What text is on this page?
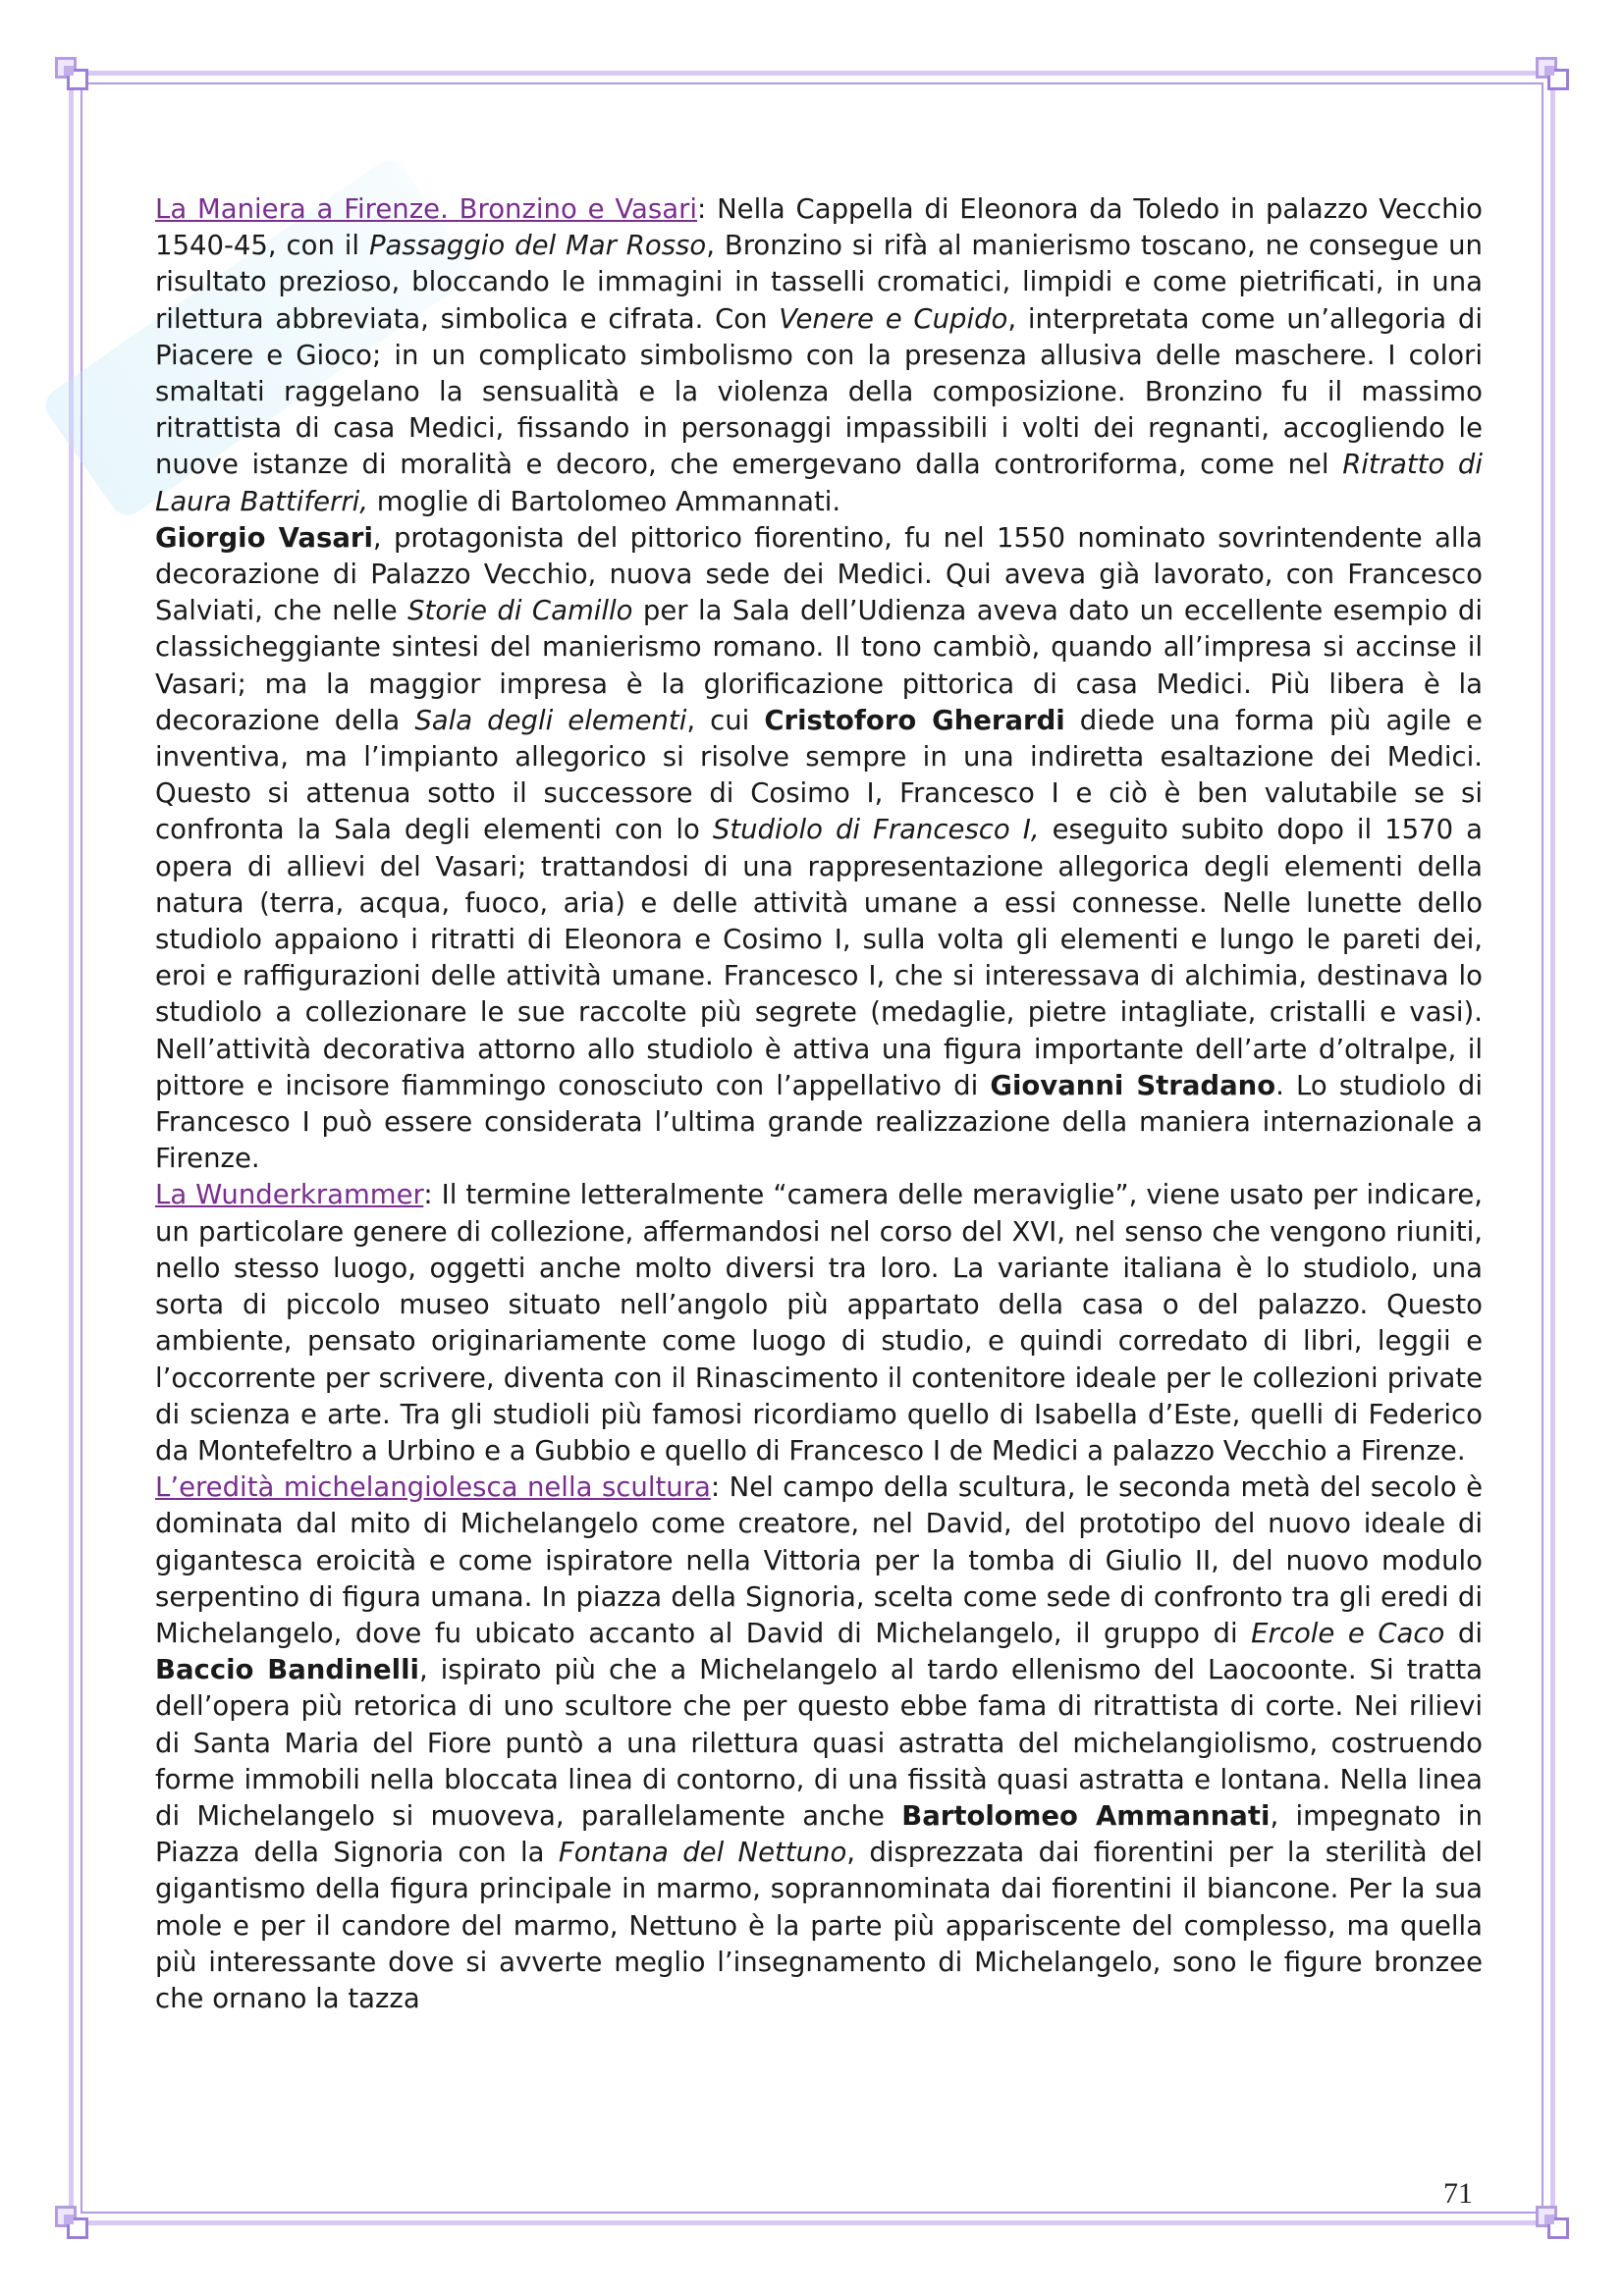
La Maniera a Firenze. Bronzino e Vasari: Nella Cappella di Eleonora da Toledo in palazzo Vecchio 1540-45, con il Passaggio del Mar Rosso, Bronzino si rifà al manierismo toscano, ne consegue un risultato prezioso, bloccando le immagini in tasselli cromatici, limpidi e come pietrificati, in una rilettura abbreviata, simbolica e cifrata. Con Venere e Cupido, interpretata come un’allegoria di Piacere e Gioco; in un complicato simbolismo con la presenza allusiva delle maschere. I colori smaltati raggelano la sensualità e la violenza della composizione. Bronzino fu il massimo ritrattista di casa Medici, fissando in personaggi impassibili i volti dei regnanti, accogliendo le nuove istanze di moralità e decoro, che emergevano dalla controriforma, come nel Ritratto di Laura Battiferri, moglie di Bartolomeo Ammannati.

Giorgio Vasari, protagonista del pittorico fiorentino, fu nel 1550 nominato sovrintendente alla decorazione di Palazzo Vecchio, nuova sede dei Medici. Qui aveva già lavorato, con Francesco Salviati, che nelle Storie di Camillo per la Sala dell’Udienza aveva dato un eccellente esempio di classicheggiante sintesi del manierismo romano. Il tono cambiò, quando all’impresa si accinse il Vasari; ma la maggior impresa è la glorificazione pittorica di casa Medici. Più libera è la decorazione della Sala degli elementi, cui Cristoforo Gherardi diede una forma più agile e inventiva, ma l’impianto allegorico si risolve sempre in una indiretta esaltazione dei Medici. Questo si attenua sotto il successore di Cosimo I, Francesco I e ciò è ben valutabile se si confronta la Sala degli elementi con lo Studiolo di Francesco I, eseguito subito dopo il 1570 a opera di allievi del Vasari; trattandosi di una rappresentazione allegorica degli elementi della natura (terra, acqua, fuoco, aria) e delle attività umane a essi connesse. Nelle lunette dello studiolo appaiono i ritratti di Eleonora e Cosimo I, sulla volta gli elementi e lungo le pareti dei, eroi e raffigurazioni delle attività umane. Francesco I, che si interessava di alchimia, destinava lo studiolo a collezionare le sue raccolte più segrete (medaglie, pietre intagliate, cristalli e vasi). Nell’attività decorativa attorno allo studiolo è attiva una figura importante dell’arte d’oltralpe, il pittore e incisore fiammingo conosciuto con l’appellativo di Giovanni Stradano. Lo studiolo di Francesco I può essere considerata l’ultima grande realizzazione della maniera internazionale a Firenze.

La Wunderkrammer: Il termine letteralmente “camera delle meraviglie”, viene usato per indicare, un particolare genere di collezione, affermandosi nel corso del XVI, nel senso che vengono riuniti, nello stesso luogo, oggetti anche molto diversi tra loro. La variante italiana è lo studiolo, una sorta di piccolo museo situato nell’angolo più appartato della casa o del palazzo. Questo ambiente, pensato originariamente come luogo di studio, e quindi corredato di libri, leggii e l’occorrente per scrivere, diventa con il Rinascimento il contenitore ideale per le collezioni private di scienza e arte. Tra gli studioli più famosi ricordiamo quello di Isabella d’Este, quelli di Federico da Montefeltro a Urbino e a Gubbio e quello di Francesco I de Medici a palazzo Vecchio a Firenze.

L’eredità michelangiolesca nella scultura: Nel campo della scultura, le seconda metà del secolo è dominata dal mito di Michelangelo come creatore, nel David, del prototipo del nuovo ideale di gigantesca eroicità e come ispiratore nella Vittoria per la tomba di Giulio II, del nuovo modulo serpentino di figura umana. In piazza della Signoria, scelta come sede di confronto tra gli eredi di Michelangelo, dove fu ubicato accanto al David di Michelangelo, il gruppo di Ercole e Caco di Baccio Bandinelli, ispirato più che a Michelangelo al tardo ellenismo del Laocoonte. Si tratta dell’opera più retorica di uno scultore che per questo ebbe fama di ritrattista di corte. Nei rilievi di Santa Maria del Fiore puntò a una rilettura quasi astratta del michelangiolismo, costruendo forme immobili nella bloccata linea di contorno, di una fissità quasi astratta e lontana. Nella linea di Michelangelo si muoveva, parallelamente anche Bartolomeo Ammannati, impegnato in Piazza della Signoria con la Fontana del Nettuno, disprezzata dai fiorentini per la sterilità del gigantismo della figura principale in marmo, soprannominata dai fiorentini il biancone. Per la sua mole e per il candore del marmo, Nettuno è la parte più appariscente del complesso, ma quella più interessante dove si avverte meglio l’insegnamento di Michelangelo, sono le figure bronzee che ornano la tazza

71
